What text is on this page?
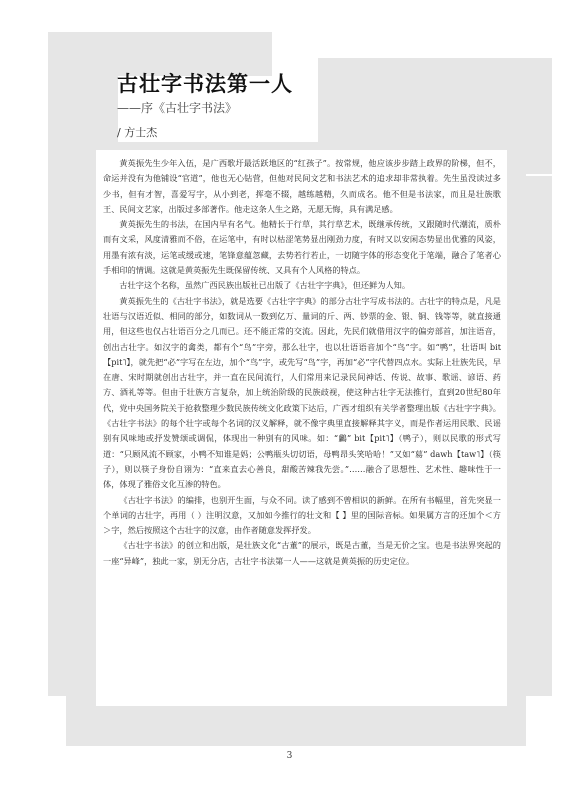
古壮字书法第一人
——序《古壮字书法》
/ 方士杰

黄英振先生少年入伍，是广西歌圩最活跃地区的“红孩子”。按常规，他应该步步踏上政界的阶梯，但不，命运并没有为他铺设“官道”，他也无心钻营，但他对民间文艺和书法艺术的追求却非常执着。先生虽没读过多少书，但有才智，喜爱写字，从小到老，挥毫不辍，越练越精，久而成名。他不但是书法家，而且是壮族歌王、民间文艺家，出版过多部著作。他走这条人生之路，无愿无悔，具有满足感。

黄英振先生的书法，在国内早有名气。他精长于行草，其行草艺术，既继承传统，又跟随时代潮流，质朴而有文采，风度清雅而不俗，在运笔中，有时以枯涩笔势显出刚劲力度，有时又以安闲态势显出优雅的风姿，用墨有浓有淡，运笔或缓或速，笔锋意蕴忽藏，去势若行若止，一切随字体的形态变化于笔端，融合了笔者心手相印的情调。这就是黄英振先生既保留传统、又具有个人风格的特点。

古壮字这个名称，虽然广西民族出版社已出版了《古壮字字典》，但还鲜为人知。

黄英振先生的《古壮字书法》，就是选要《古壮字字典》的部分古壮字写成书法的。古壮字的特点是，凡是壮语与汉语近似、相同的部分，如数词从一数到亿万、量词的斤、两、钞票的金、银、铜、钱等等，就直接通用，但这些也仅占壮语百分之几而已。还不能正常的交流。因此，先民们就借用汉字的偏旁部首，加注语音，创出古壮字。如汉字的禽类，都有个“鸟”字旁，那么壮字，也以壮语语音加个“鸟”字。如“鸭”，壮语叫 bit【pit˥】，就先把“必”字写在左边，加个“鸟”字，或先写“鸟”字，再加“必”字代替四点水。实际上壮族先民，早在唐、宋时期就创出古壮字，并一直在民间流行，人们常用来记录民间神话、传说、故事、歌谣、谚语、药方、酒礼等等。但由于壮族方言复杂，加上统治阶级的民族歧视，使这种古壮字无法推行，直到20世纪80年代，党中央国务院关于抢救整理少数民族传统文化政策下达后，广西才组织有关学者整理出版《古壮字字典》。《古壮字书法》的每个壮字或每个名词的汉义解释，就不像字典里直接解释其字义，而是作者运用民歌、民谣别有风味地或抒发赞颂或调侃，体现出一种别有的风味。如：“鸕” bit【pit˥】（鸭子），则以民歌的形式写道：“只顾风流不顾家，小鸭不知谁是妈；公鸭瓶头切切语，母鸭昂头笑哈哈！”又如“䓪” dawh【taw˥】（筷子），则以筷子身份自诩为：“直来直去心善良，甜酸苦辣我先尝。”……融合了思想性、艺术性、趣味性于一体，体现了雅俗文化互渗的特色。

《古壮字书法》的编排，也别开生面，与众不同。读了感到不曾相识的新鲜。在所有书幅里，首先突显一个单词的古壮字，再用（ ）注明汉意，又加如今推行的壮文和【 】里的国际音标。如果属方言的还加个＜方＞字，然后按照这个古壮字的汉意，由作者随意发挥抒发。

《古壮字书法》的创立和出版，是壮族文化“古董”的展示，既是古董，当是无价之宝。也是书法界突起的一座“异峰”，独此一家，别无分店，古壮字书法第一人——这就是黄英振的历史定位。

3
